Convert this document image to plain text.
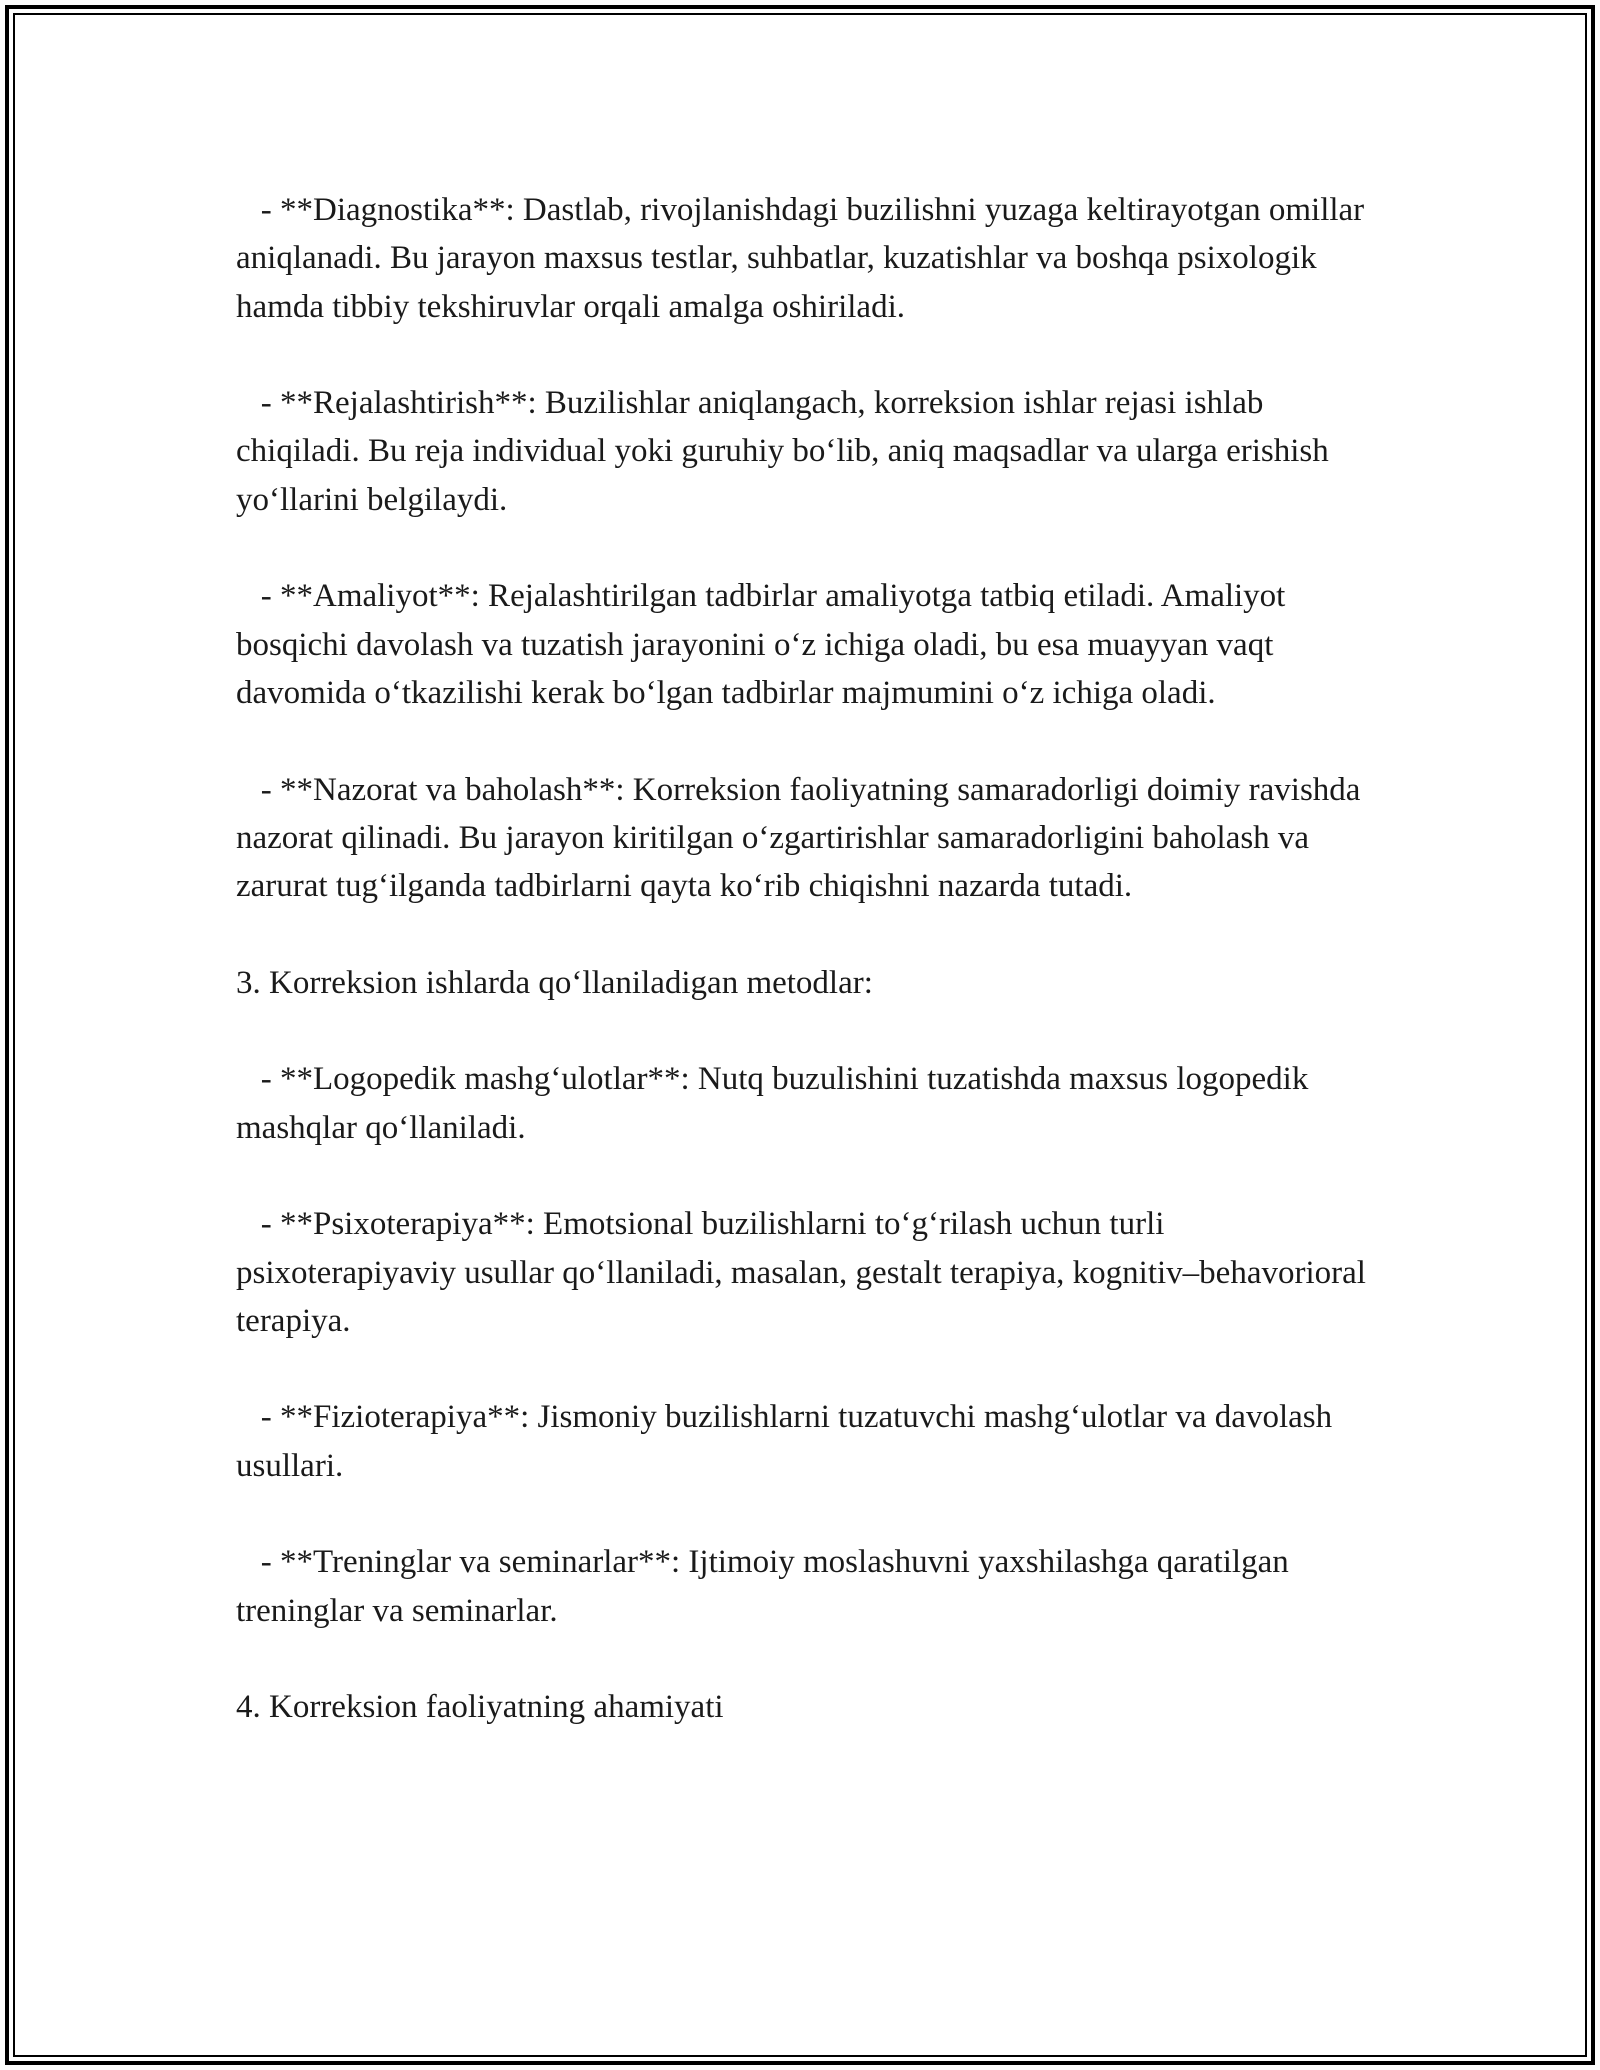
- **Diagnostika**: Dastlab, rivojlanishdagi buzilishni yuzaga keltirayotgan omillar aniqlanadi. Bu jarayon maxsus testlar, suhbatlar, kuzatishlar va boshqa psixologik hamda tibbiy tekshiruvlar orqali amalga oshiriladi.

- **Rejalashtirish**: Buzilishlar aniqlangach, korreksion ishlar rejasi ishlab chiqiladi. Bu reja individual yoki guruhiy bo‘lib, aniq maqsadlar va ularga erishish yo‘llarini belgilaydi.

- **Amaliyot**: Rejalashtirilgan tadbirlar amaliyotga tatbiq etiladi. Amaliyot bosqichi davolash va tuzatish jarayonini o‘z ichiga oladi, bu esa muayyan vaqt davomida o‘tkazilishi kerak bo‘lgan tadbirlar majmumini o‘z ichiga oladi.

- **Nazorat va baholash**: Korreksion faoliyatning samaradorligi doimiy ravishda nazorat qilinadi. Bu jarayon kiritilgan o‘zgartirishlar samaradorligini baholash va zarurat tug‘ilganda tadbirlarni qayta ko‘rib chiqishni nazarda tutadi.

3. Korreksion ishlarda qo‘llaniladigan metodlar:

- **Logopedik mashg‘ulotlar**: Nutq buzulishini tuzatishda maxsus logopedik mashqlar qo‘llaniladi.

- **Psixoterapiya**: Emotsional buzilishlarni to‘g‘rilash uchun turli psixoterapiyaviy usullar qo‘llaniladi, masalan, gestalt terapiya, kognitiv–behavorioral terapiya.

- **Fizioterapiya**: Jismoniy buzilishlarni tuzatuvchi mashg‘ulotlar va davolash usullari.

- **Treninglar va seminarlar**: Ijtimoiy moslashuvni yaxshilashga qaratilgan treninglar va seminarlar.

4. Korreksion faoliyatning ahamiyati
